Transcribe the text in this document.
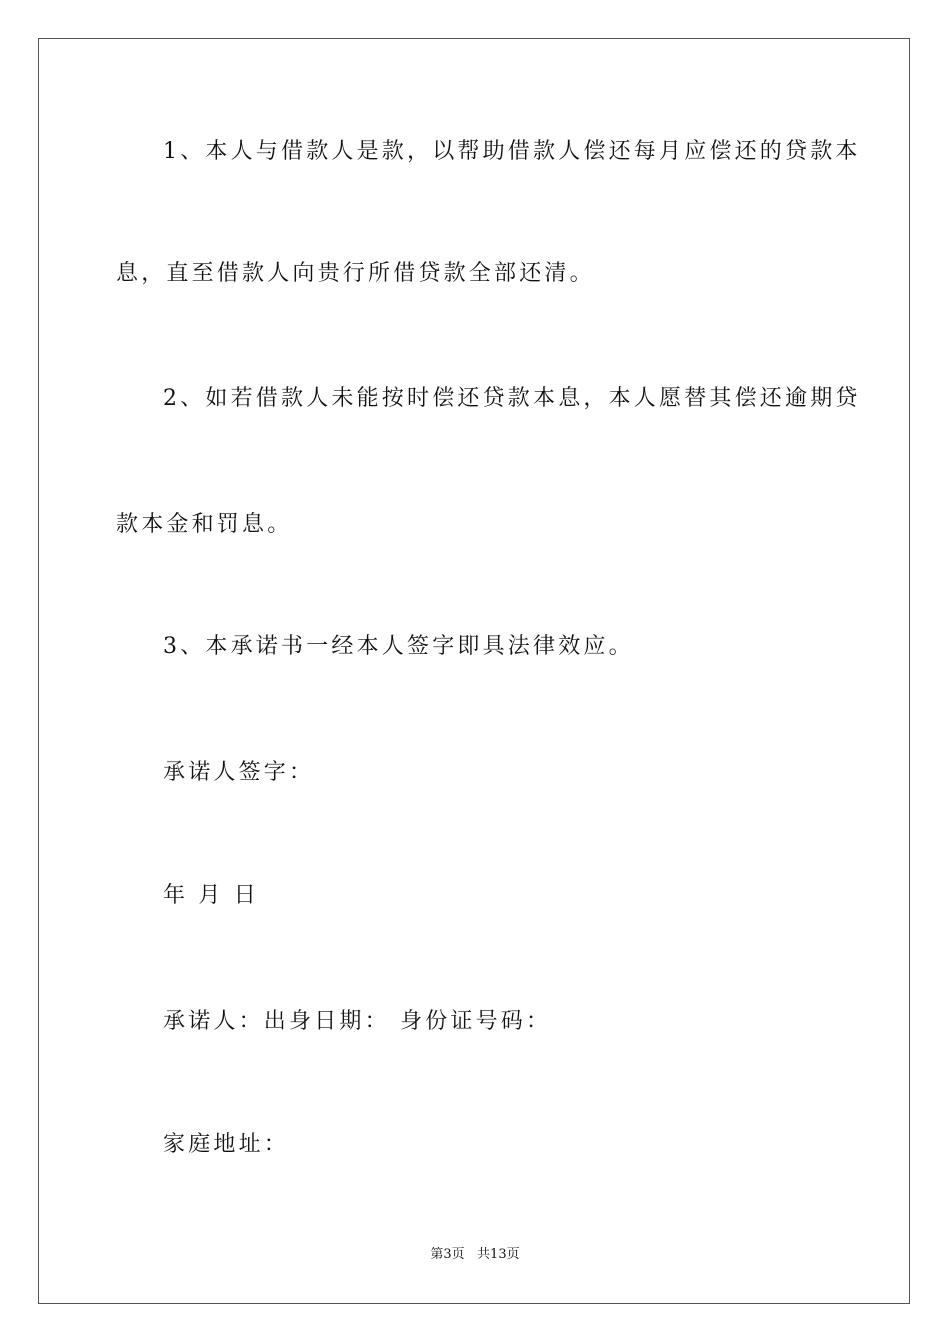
1、本人与借款人是款，以帮助借款人偿还每月应偿还的贷款本
息，直至借款人向贵行所借贷款全部还清。
2、如若借款人未能按时偿还贷款本息，本人愿替其偿还逾期贷
款本金和罚息。
3、本承诺书一经本人签字即具法律效应。
承诺人签字：
年 月 日
承诺人：出身日期： 身份证号码：
家庭地址：
第3页   共13页
